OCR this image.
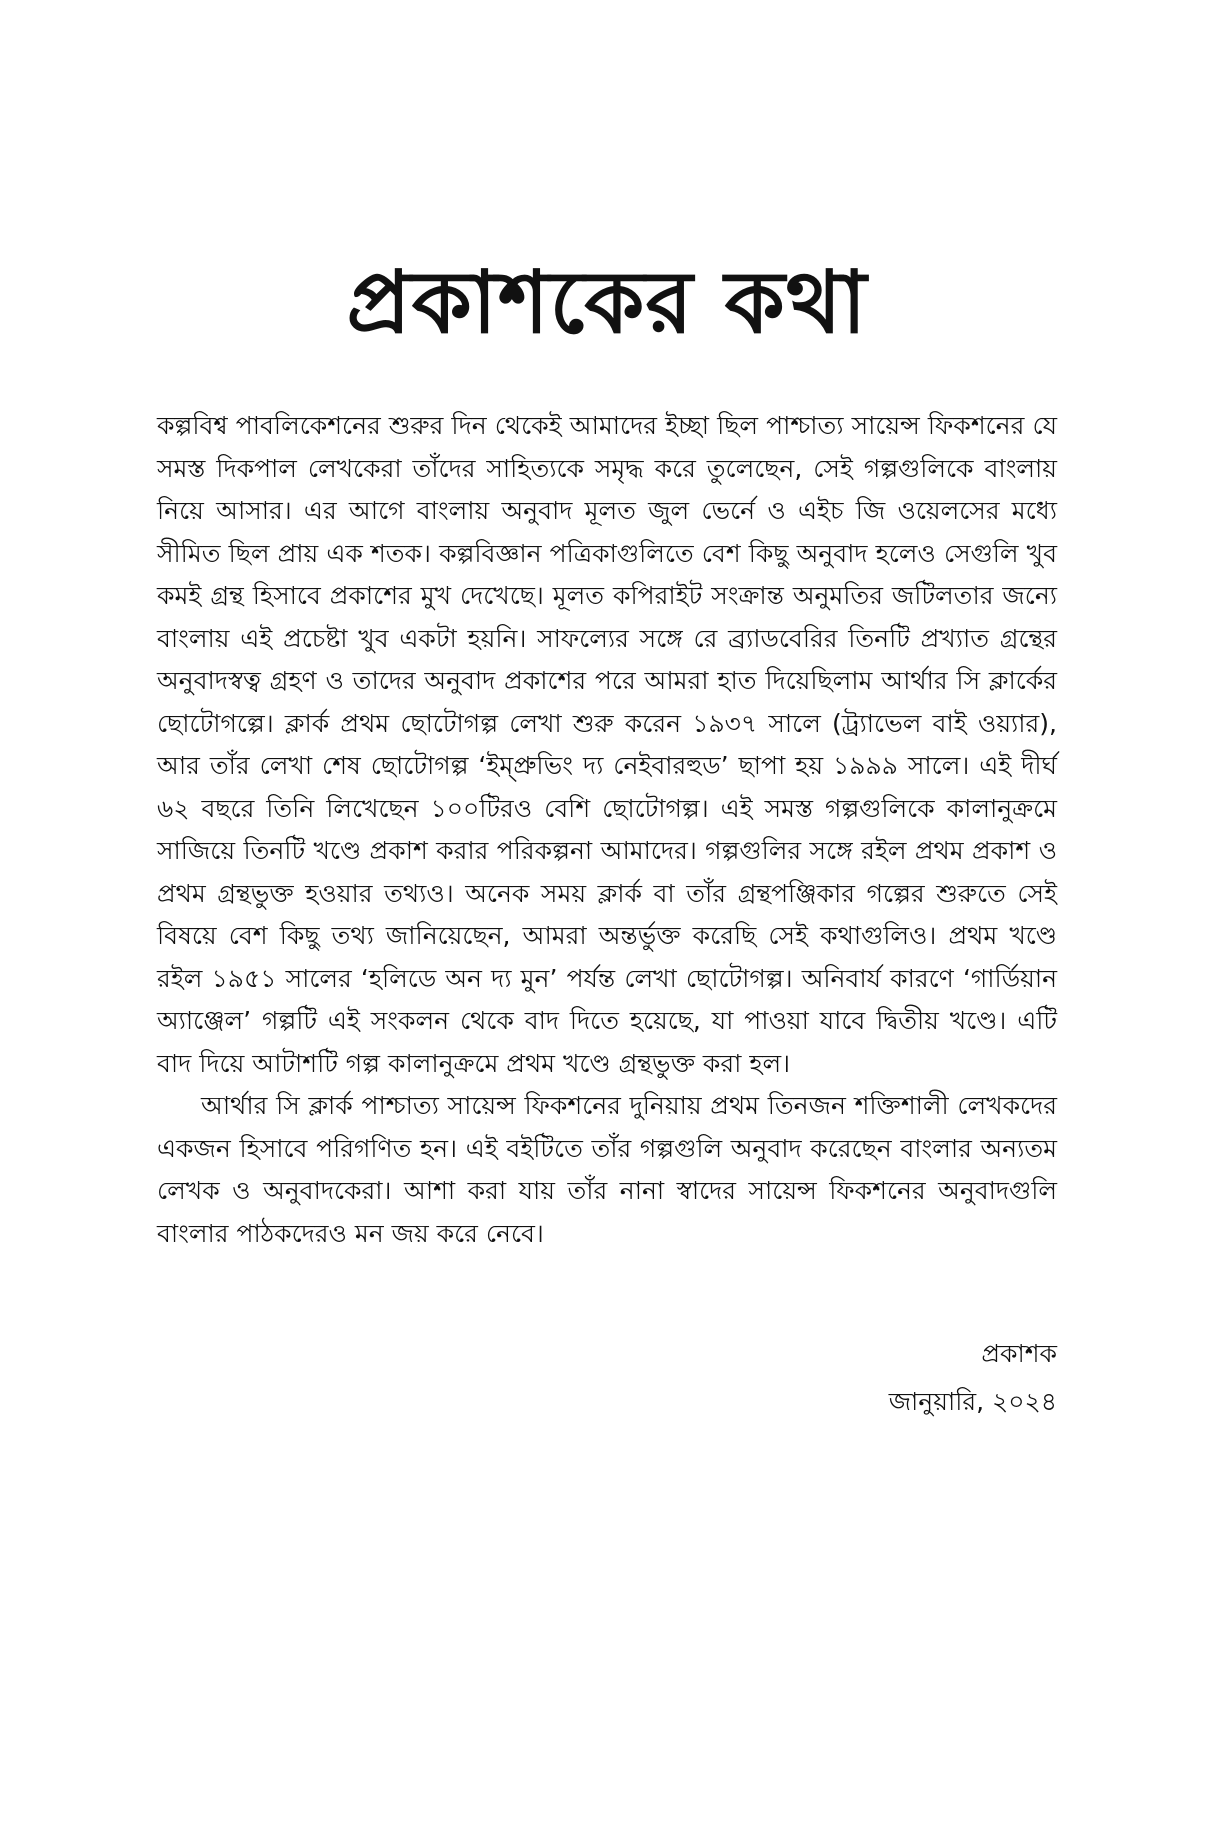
প্রকাশকের কথা

কল্পবিশ্ব পাবলিকেশনের শুরুর দিন থেকেই আমাদের ইচ্ছা ছিল পাশ্চাত্য সায়েন্স ফিকশনের যে সমস্ত দিকপাল লেখকেরা তাঁদের সাহিত্যকে সমৃদ্ধ করে তুলেছেন, সেই গল্পগুলিকে বাংলায় নিয়ে আসার। এর আগে বাংলায় অনুবাদ মূলত জুল ভের্নে ও এইচ জি ওয়েলসের মধ্যে সীমিত ছিল প্রায় এক শতক। কল্পবিজ্ঞান পত্রিকাগুলিতে বেশ কিছু অনুবাদ হলেও সেগুলি খুব কমই গ্রন্থ হিসাবে প্রকাশের মুখ দেখেছে। মূলত কপিরাইট সংক্রান্ত অনুমতির জটিলতার জন্যে বাংলায় এই প্রচেষ্টা খুব একটা হয়নি। সাফল্যের সঙ্গে রে ব্র্যাডবেরির তিনটি প্রখ্যাত গ্রন্থের অনুবাদস্বত্ব গ্রহণ ও তাদের অনুবাদ প্রকাশের পরে আমরা হাত দিয়েছিলাম আর্থার সি ক্লার্কের ছোটোগল্পে। ক্লার্ক প্রথম ছোটোগল্প লেখা শুরু করেন ১৯৩৭ সালে (ট্র্যাভেল বাই ওয়্যার), আর তাঁর লেখা শেষ ছোটোগল্প ‘ইম্প্রুভিং দ্য নেইবারহুড’ ছাপা হয় ১৯৯৯ সালে। এই দীর্ঘ ৬২ বছরে তিনি লিখেছেন ১০০টিরও বেশি ছোটোগল্প। এই সমস্ত গল্পগুলিকে কালানুক্রমে সাজিয়ে তিনটি খণ্ডে প্রকাশ করার পরিকল্পনা আমাদের। গল্পগুলির সঙ্গে রইল প্রথম প্রকাশ ও প্রথম গ্রন্থভুক্ত হওয়ার তথ্যও। অনেক সময় ক্লার্ক বা তাঁর গ্রন্থপঞ্জিকার গল্পের শুরুতে সেই বিষয়ে বেশ কিছু তথ্য জানিয়েছেন, আমরা অন্তর্ভুক্ত করেছি সেই কথাগুলিও। প্রথম খণ্ডে রইল ১৯৫১ সালের ‘হলিডে অন দ্য মুন’ পর্যন্ত লেখা ছোটোগল্প। অনিবার্য কারণে ‘গার্ডিয়ান অ্যাঞ্জেল’ গল্পটি এই সংকলন থেকে বাদ দিতে হয়েছে, যা পাওয়া যাবে দ্বিতীয় খণ্ডে। এটি বাদ দিয়ে আটাশটি গল্প কালানুক্রমে প্রথম খণ্ডে গ্রন্থভুক্ত করা হল।

আর্থার সি ক্লার্ক পাশ্চাত্য সায়েন্স ফিকশনের দুনিয়ায় প্রথম তিনজন শক্তিশালী লেখকদের একজন হিসাবে পরিগণিত হন। এই বইটিতে তাঁর গল্পগুলি অনুবাদ করেছেন বাংলার অন্যতম লেখক ও অনুবাদকেরা। আশা করা যায় তাঁর নানা স্বাদের সায়েন্স ফিকশনের অনুবাদগুলি বাংলার পাঠকদেরও মন জয় করে নেবে।

প্রকাশক
জানুয়ারি, ২০২৪
